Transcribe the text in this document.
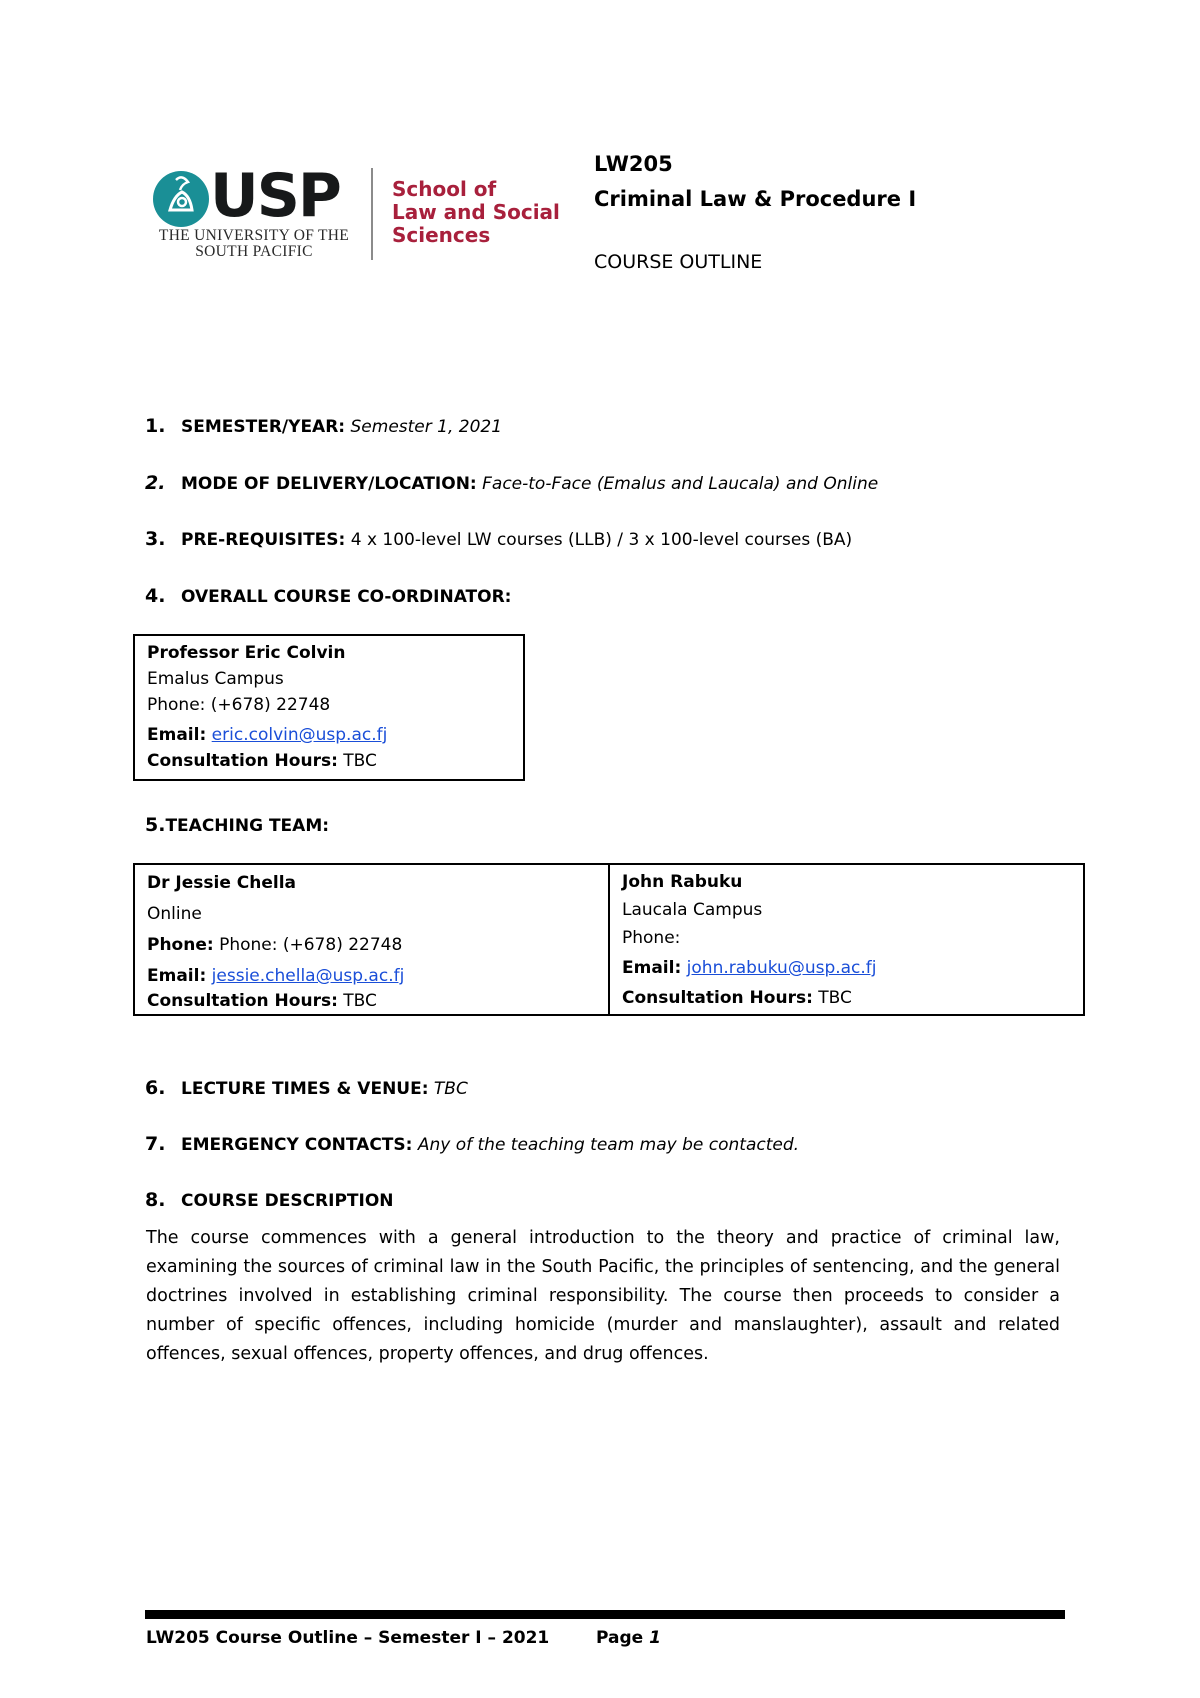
USP
THE UNIVERSITY OF THE
SOUTH PACIFIC
School of
Law and Social
Sciences
LW205
Criminal Law & Procedure I
COURSE OUTLINE
1. SEMESTER/YEAR: Semester 1, 2021
2. MODE OF DELIVERY/LOCATION: Face-to-Face (Emalus and Laucala) and Online
3. PRE-REQUISITES: 4 x 100-level LW courses (LLB) / 3 x 100-level courses (BA)
4. OVERALL COURSE CO-ORDINATOR:
Professor Eric Colvin
Emalus Campus
Phone: (+678) 22748
Email: eric.colvin@usp.ac.fj
Consultation Hours: TBC
5.TEACHING TEAM:
Dr Jessie Chella
Online
Phone: Phone: (+678) 22748
Email: jessie.chella@usp.ac.fj
Consultation Hours: TBC
John Rabuku
Laucala Campus
Phone:
Email: john.rabuku@usp.ac.fj
Consultation Hours: TBC
6. LECTURE TIMES & VENUE: TBC
7. EMERGENCY CONTACTS: Any of the teaching team may be contacted.
8. COURSE DESCRIPTION
The course commences with a general introduction to the theory and practice of criminal law, examining the sources of criminal law in the South Pacific, the principles of sentencing, and the general doctrines involved in establishing criminal responsibility. The course then proceeds to consider a number of specific offences, including homicide (murder and manslaughter), assault and related offences, sexual offences, property offences, and drug offences.
LW205 Course Outline – Semester I – 2021	Page 1
